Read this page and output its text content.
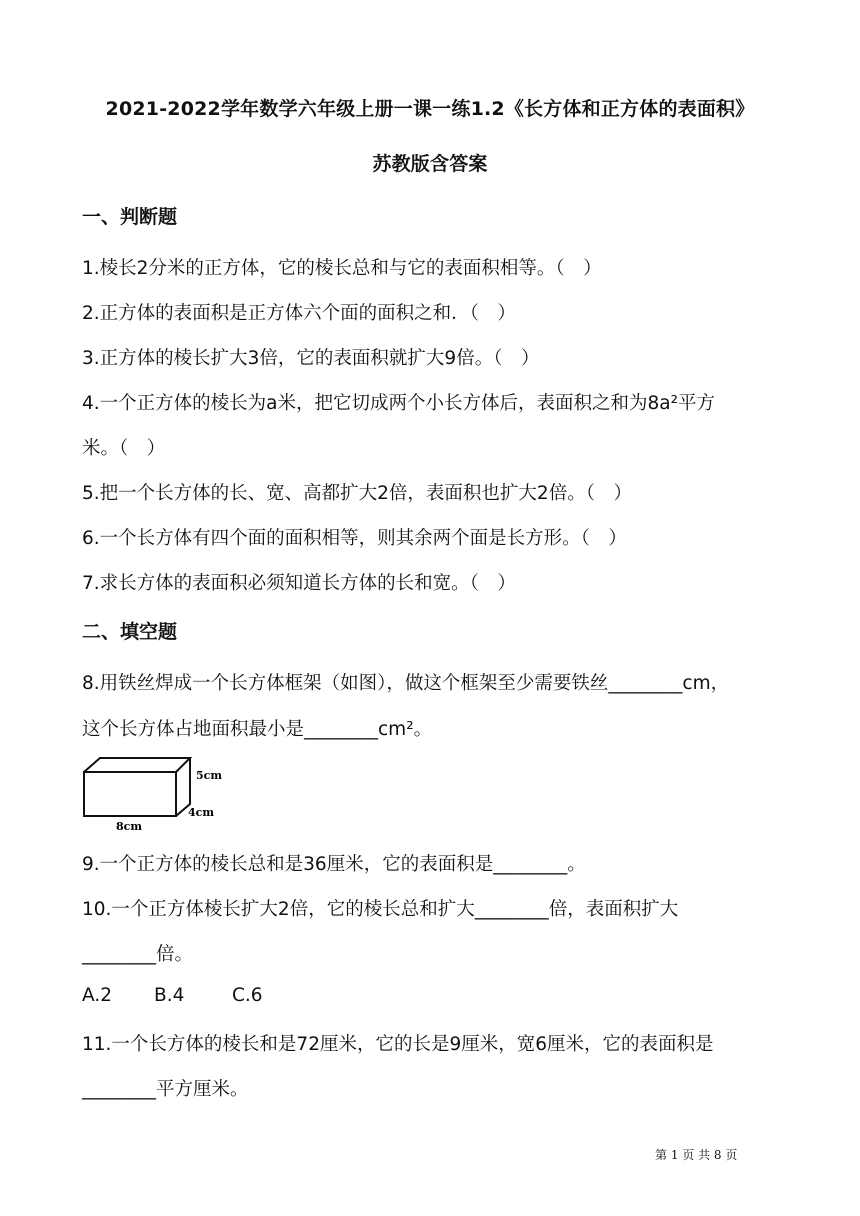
2021-2022学年数学六年级上册一课一练1.2《长方体和正方体的表面积》
苏教版含答案
一、判断题
1.棱长2分米的正方体，它的棱长总和与它的表面积相等。（　）
2.正方体的表面积是正方体六个面的面积之和．（　）
3.正方体的棱长扩大3倍，它的表面积就扩大9倍。（　）
4.一个正方体的棱长为a米，把它切成两个小长方体后，表面积之和为8a²平方
米。（　）
5.把一个长方体的长、宽、高都扩大2倍，表面积也扩大2倍。（　）
6.一个长方体有四个面的面积相等，则其余两个面是长方形。（　）
7.求长方体的表面积必须知道长方体的长和宽。（　）
二、填空题
8.用铁丝焊成一个长方体框架（如图），做这个框架至少需要铁丝________cm，
这个长方体占地面积最小是________cm²。
5cm
4cm
8cm
9.一个正方体的棱长总和是36厘米，它的表面积是________。
10.一个正方体棱长扩大2倍，它的棱长总和扩大________倍，表面积扩大
________倍。
A.2 B.4	C.6
11.一个长方体的棱长和是72厘米，它的长是9厘米，宽6厘米，它的表面积是
________平方厘米。
第 1 页 共 8 页
